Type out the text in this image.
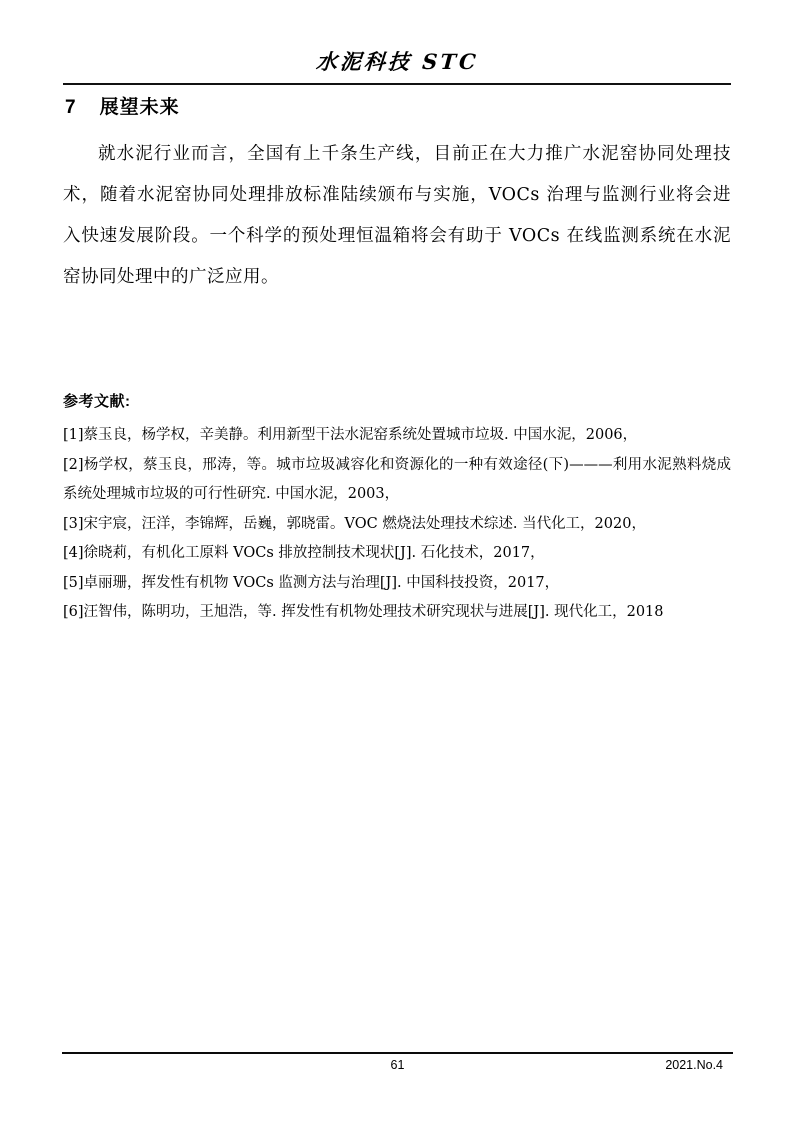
水泥科技 STC
7 展望未来

就水泥行业而言，全国有上千条生产线，目前正在大力推广水泥窑协同处理技术，随着水泥窑协同处理排放标准陆续颁布与实施，VOCs 治理与监测行业将会进入快速发展阶段。一个科学的预处理恒温箱将会有助于 VOCs 在线监测系统在水泥窑协同处理中的广泛应用。

参考文献:
[1]蔡玉良，杨学权，辛美静。利用新型干法水泥窑系统处置城市垃圾. 中国水泥，2006，
[2]杨学权，蔡玉良，邢涛，等。城市垃圾减容化和资源化的一种有效途径(下)———利用水泥熟料烧成系统处理城市垃圾的可行性研究. 中国水泥，2003，
[3]宋宇宸，汪洋，李锦辉，岳巍，郭晓雷。VOC 燃烧法处理技术综述. 当代化工，2020，
[4]徐晓莉，有机化工原料 VOCs 排放控制技术现状[J]. 石化技术，2017，
[5]卓丽珊，挥发性有机物 VOCs 监测方法与治理[J]. 中国科技投资，2017，
[6]汪智伟，陈明功，王旭浩，等. 挥发性有机物处理技术研究现状与进展[J]. 现代化工，2018
61	2021.No.4
